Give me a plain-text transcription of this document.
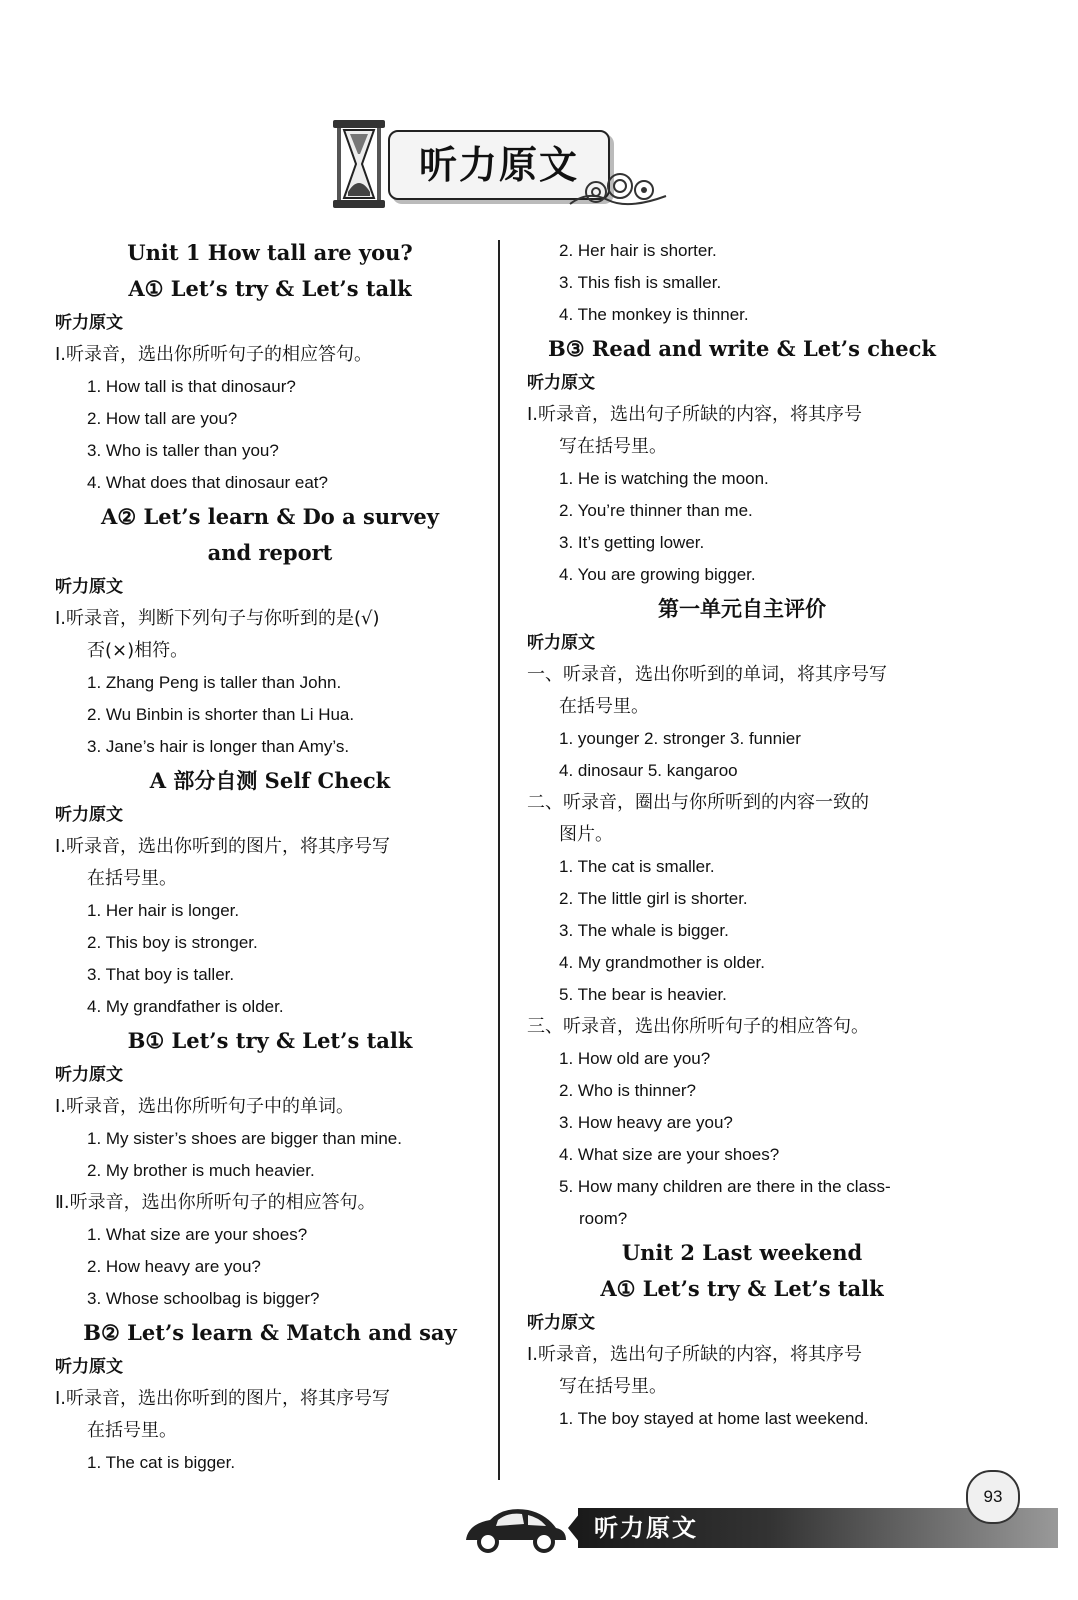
听力原文
Unit 1 How tall are you?
A① Let’s try & Let’s talk
听力原文
Ⅰ.听录音，选出你所听句子的相应答句。
1. How tall is that dinosaur?
2. How tall are you?
3. Who is taller than you?
4. What does that dinosaur eat?
A② Let’s learn & Do a survey
and report
听力原文
Ⅰ.听录音，判断下列句子与你听到的是(√)
否(×)相符。
1. Zhang Peng is taller than John.
2. Wu Binbin is shorter than Li Hua.
3. Jane’s hair is longer than Amy’s.
A 部分自测 Self Check
听力原文
Ⅰ.听录音，选出你听到的图片，将其序号写
在括号里。
1. Her hair is longer.
2. This boy is stronger.
3. That boy is taller.
4. My grandfather is older.
B① Let’s try & Let’s talk
听力原文
Ⅰ.听录音，选出你所听句子中的单词。
1. My sister’s shoes are bigger than mine.
2. My brother is much heavier.
Ⅱ.听录音，选出你所听句子的相应答句。
1. What size are your shoes?
2. How heavy are you?
3. Whose schoolbag is bigger?
B② Let’s learn & Match and say
听力原文
Ⅰ.听录音，选出你听到的图片，将其序号写
在括号里。
1. The cat is bigger.
2. Her hair is shorter.
3. This fish is smaller.
4. The monkey is thinner.
B③ Read and write & Let’s check
听力原文
Ⅰ.听录音，选出句子所缺的内容，将其序号
写在括号里。
1. He is watching the moon.
2. You’re thinner than me.
3. It’s getting lower.
4. You are growing bigger.
第一单元自主评价
听力原文
一、听录音，选出你听到的单词，将其序号写
在括号里。
1. younger 2. stronger 3. funnier
4. dinosaur 5. kangaroo
二、听录音，圈出与你所听到的内容一致的
图片。
1. The cat is smaller.
2. The little girl is shorter.
3. The whale is bigger.
4. My grandmother is older.
5. The bear is heavier.
三、听录音，选出你所听句子的相应答句。
1. How old are you?
2. Who is thinner?
3. How heavy are you?
4. What size are your shoes?
5. How many children are there in the class-
room?
Unit 2 Last weekend
A① Let’s try & Let’s talk
听力原文
Ⅰ.听录音，选出句子所缺的内容，将其序号
写在括号里。
1. The boy stayed at home last weekend.
听力原文
93
